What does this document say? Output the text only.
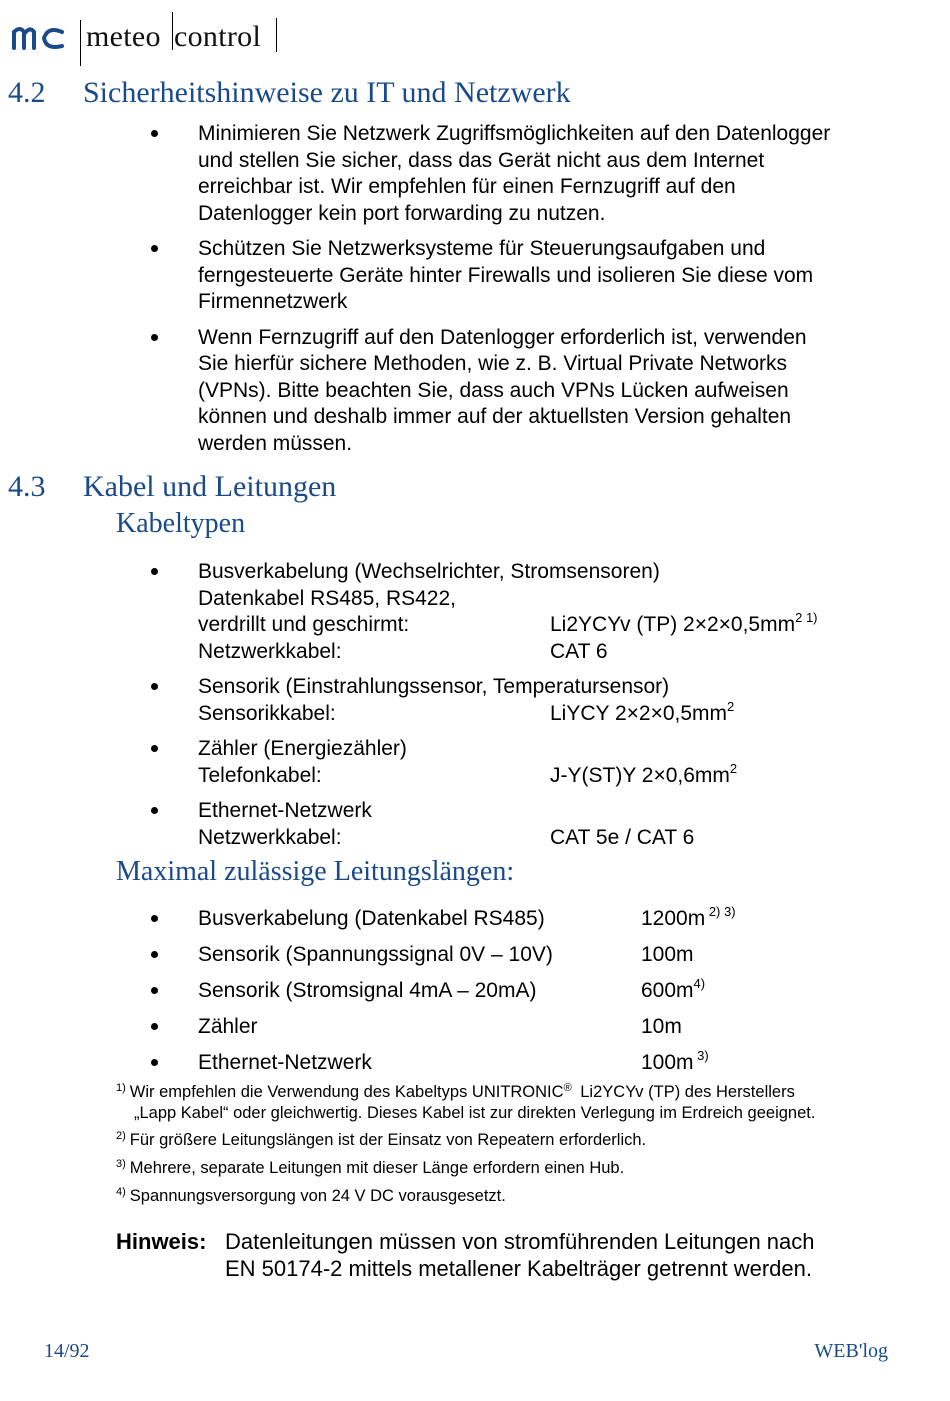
meteo control
4.2 Sicherheitshinweise zu IT und Netzwerk
Minimieren Sie Netzwerk Zugriffsmöglichkeiten auf den Datenlogger
und stellen Sie sicher, dass das Gerät nicht aus dem Internet
erreichbar ist. Wir empfehlen für einen Fernzugriff auf den
Datenlogger kein port forwarding zu nutzen.
Schützen Sie Netzwerksysteme für Steuerungsaufgaben und
ferngesteuerte Geräte hinter Firewalls und isolieren Sie diese vom
Firmennetzwerk
Wenn Fernzugriff auf den Datenlogger erforderlich ist, verwenden
Sie hierfür sichere Methoden, wie z. B. Virtual Private Networks
(VPNs). Bitte beachten Sie, dass auch VPNs Lücken aufweisen
können und deshalb immer auf der aktuellsten Version gehalten
werden müssen.
4.3 Kabel und Leitungen
Kabeltypen
Busverkabelung (Wechselrichter, Stromsensoren)
Datenkabel RS485, RS422,
verdrillt und geschirmt:	Li2YCYv (TP) $2\times 2\times 0,5mm^{2 1)}$
Netzwerkkabel:	CAT 6
Sensorik (Einstrahlungssensor, Temperatursensor)
Sensorikkabel:	LiYCY $2\times 2\times 0,5mm^2$
Zähler (Energiezähler)
Telefonkabel:	J-Y(ST)Y $2\times 0,6mm^2$
Ethernet-Netzwerk
Netzwerkkabel:	CAT 5e / CAT 6
Maximal zulässige Leitungslängen:
Busverkabelung (Datenkabel RS485)	1200m $^{2) 3)}$
Sensorik (Spannungssignal 0V – 10V)	100m
Sensorik (Stromsignal 4mA – 20mA)	$600m^{4)}$
Zähler	10m
Ethernet-Netzwerk	100m $^{3)}$
$^{1)}$ Wir empfehlen die Verwendung des Kabeltyps UNITRONIC® Li2YCYv (TP) des Herstellers
„Lapp Kabel“ oder gleichwertig. Dieses Kabel ist zur direkten Verlegung im Erdreich geeignet.
$^{2)}$ Für größere Leitungslängen ist der Einsatz von Repeatern erforderlich.
$^{3)}$ Mehrere, separate Leitungen mit dieser Länge erfordern einen Hub.
$^{4)}$ Spannungsversorgung von 24 V DC vorausgesetzt.
Hinweis: Datenleitungen müssen von stromführenden Leitungen nach
EN 50174-2 mittels metallener Kabelträger getrennt werden.
14/92	WEB'log
